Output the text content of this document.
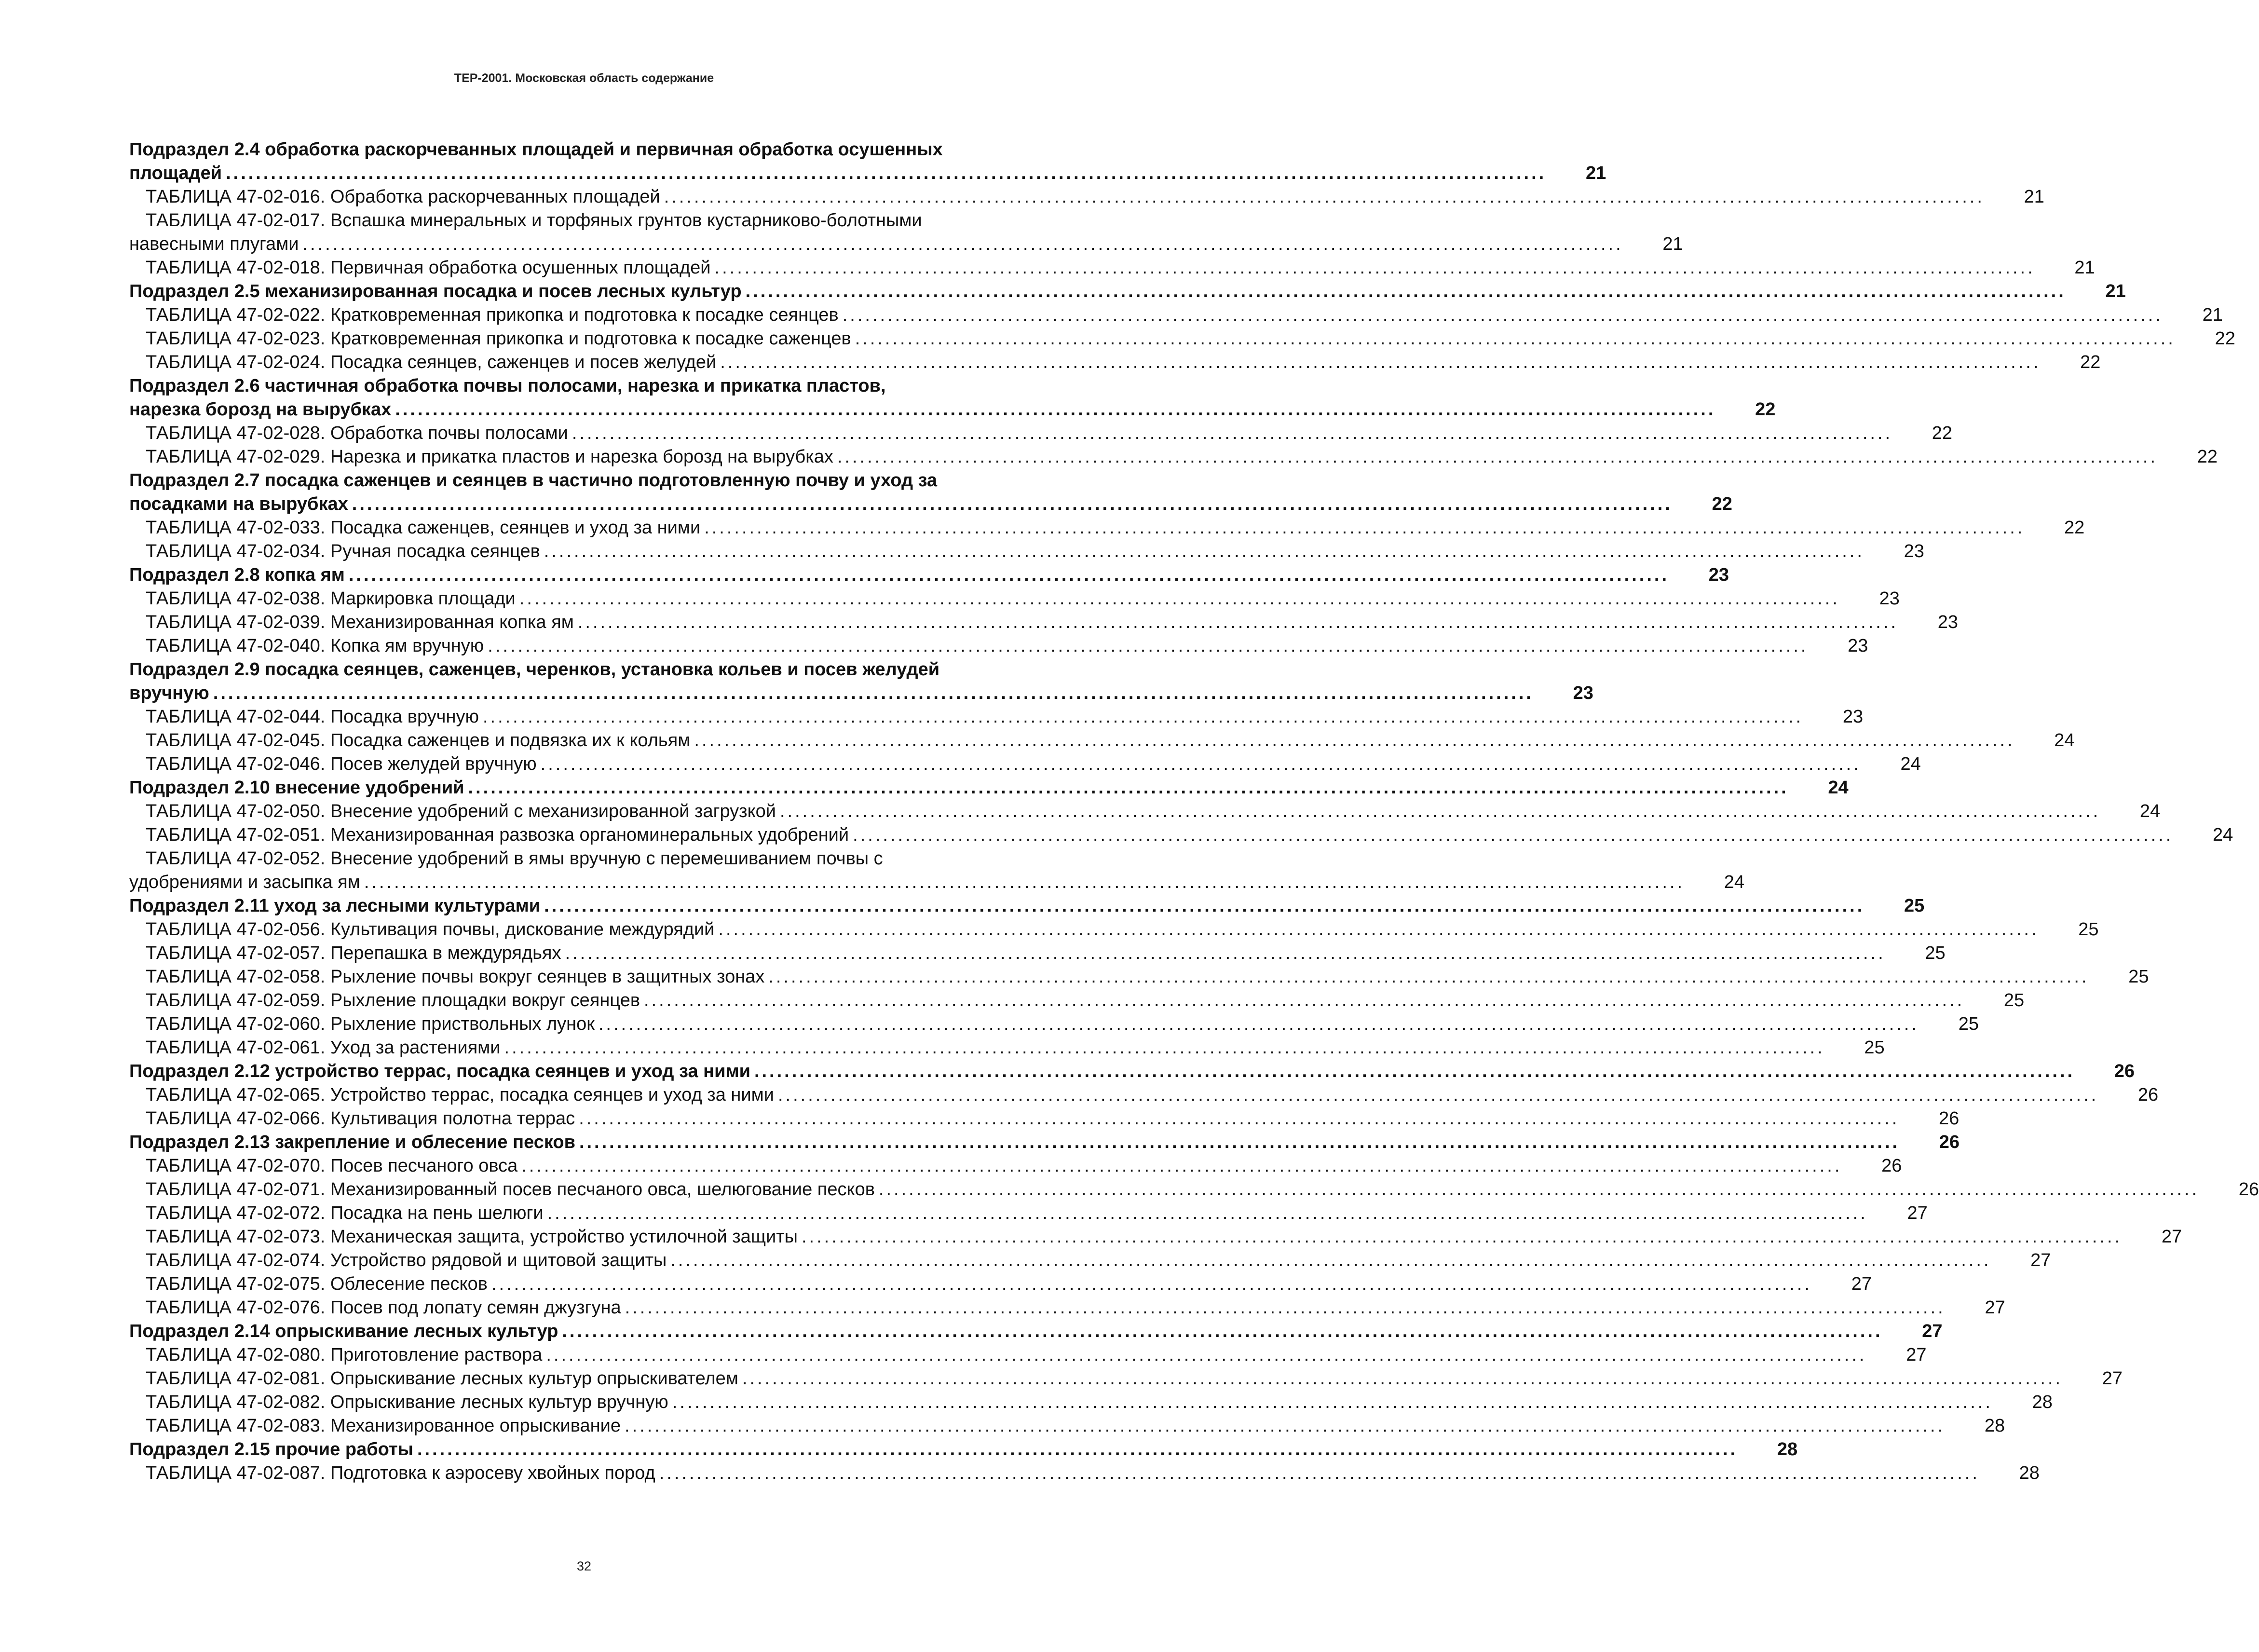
ТЕР-2001. Московская область содержание
Подраздел 2.4 обработка раскорчеванных площадей и первичная обработка осушенных
площадей ................................................................................................................................................................................	21
ТАБЛИЦА 47-02-016. Обработка раскорчеванных площадей ................................................................................................................................................................................	21
ТАБЛИЦА 47-02-017. Вспашка минеральных и торфяных грунтов кустарниково-болотными
навесными плугами ................................................................................................................................................................................	21
ТАБЛИЦА 47-02-018. Первичная обработка осушенных площадей ................................................................................................................................................................................	21
Подраздел 2.5 механизированная посадка и посев лесных культур ................................................................................................................................................................................	21
ТАБЛИЦА 47-02-022. Кратковременная прикопка и подготовка к посадке сеянцев ................................................................................................................................................................................	21
ТАБЛИЦА 47-02-023. Кратковременная прикопка и подготовка к посадке саженцев ................................................................................................................................................................................	22
ТАБЛИЦА 47-02-024. Посадка сеянцев, саженцев и посев желудей ................................................................................................................................................................................	22
Подраздел 2.6 частичная обработка почвы полосами, нарезка и прикатка пластов,
нарезка борозд на вырубках ................................................................................................................................................................................	22
ТАБЛИЦА 47-02-028. Обработка почвы полосами ................................................................................................................................................................................	22
ТАБЛИЦА 47-02-029. Нарезка и прикатка пластов и нарезка борозд на вырубках ................................................................................................................................................................................	22
Подраздел 2.7 посадка саженцев и сеянцев в частично подготовленную почву и уход за
посадками на вырубках ................................................................................................................................................................................	22
ТАБЛИЦА 47-02-033. Посадка саженцев, сеянцев и уход за ними ................................................................................................................................................................................	22
ТАБЛИЦА 47-02-034. Ручная посадка сеянцев ................................................................................................................................................................................	23
Подраздел 2.8 копка ям ................................................................................................................................................................................	23
ТАБЛИЦА 47-02-038. Маркировка площади ................................................................................................................................................................................	23
ТАБЛИЦА 47-02-039. Механизированная копка ям ................................................................................................................................................................................	23
ТАБЛИЦА 47-02-040. Копка ям вручную ................................................................................................................................................................................	23
Подраздел 2.9 посадка сеянцев, саженцев, черенков, установка кольев и посев желудей
вручную ................................................................................................................................................................................	23
ТАБЛИЦА 47-02-044. Посадка вручную ................................................................................................................................................................................	23
ТАБЛИЦА 47-02-045. Посадка саженцев и подвязка их к кольям ................................................................................................................................................................................	24
ТАБЛИЦА 47-02-046. Посев желудей вручную ................................................................................................................................................................................	24
Подраздел 2.10 внесение удобрений ................................................................................................................................................................................	24
ТАБЛИЦА 47-02-050. Внесение удобрений с механизированной загрузкой ................................................................................................................................................................................	24
ТАБЛИЦА 47-02-051. Механизированная развозка органоминеральных удобрений ................................................................................................................................................................................	24
ТАБЛИЦА 47-02-052. Внесение удобрений в ямы вручную с перемешиванием почвы с
удобрениями и засыпка ям ................................................................................................................................................................................	24
Подраздел 2.11 уход за лесными культурами ................................................................................................................................................................................	25
ТАБЛИЦА 47-02-056. Культивация почвы, дискование междурядий ................................................................................................................................................................................	25
ТАБЛИЦА 47-02-057. Перепашка в междурядьях ................................................................................................................................................................................	25
ТАБЛИЦА 47-02-058. Рыхление почвы вокруг сеянцев в защитных зонах ................................................................................................................................................................................	25
ТАБЛИЦА 47-02-059. Рыхление площадки вокруг сеянцев ................................................................................................................................................................................	25
ТАБЛИЦА 47-02-060. Рыхление приствольных лунок ................................................................................................................................................................................	25
ТАБЛИЦА 47-02-061. Уход за растениями ................................................................................................................................................................................	25
Подраздел 2.12 устройство террас, посадка сеянцев и уход за ними ................................................................................................................................................................................	26
ТАБЛИЦА 47-02-065. Устройство террас, посадка сеянцев и уход за ними ................................................................................................................................................................................	26
ТАБЛИЦА 47-02-066. Культивация полотна террас ................................................................................................................................................................................	26
Подраздел 2.13 закрепление и облесение песков ................................................................................................................................................................................	26
ТАБЛИЦА 47-02-070. Посев песчаного овса ................................................................................................................................................................................	26
ТАБЛИЦА 47-02-071. Механизированный посев песчаного овса, шелюгование песков ................................................................................................................................................................................	26
ТАБЛИЦА 47-02-072. Посадка на пень шелюги ................................................................................................................................................................................	27
ТАБЛИЦА 47-02-073. Механическая защита, устройство устилочной защиты ................................................................................................................................................................................	27
ТАБЛИЦА 47-02-074. Устройство рядовой и щитовой защиты ................................................................................................................................................................................	27
ТАБЛИЦА 47-02-075. Облесение песков ................................................................................................................................................................................	27
ТАБЛИЦА 47-02-076. Посев под лопату семян джузгуна ................................................................................................................................................................................	27
Подраздел 2.14 опрыскивание лесных культур ................................................................................................................................................................................	27
ТАБЛИЦА 47-02-080. Приготовление раствора ................................................................................................................................................................................	27
ТАБЛИЦА 47-02-081. Опрыскивание лесных культур опрыскивателем ................................................................................................................................................................................	27
ТАБЛИЦА 47-02-082. Опрыскивание лесных культур вручную ................................................................................................................................................................................	28
ТАБЛИЦА 47-02-083. Механизированное опрыскивание ................................................................................................................................................................................	28
Подраздел 2.15 прочие работы ................................................................................................................................................................................	28
ТАБЛИЦА 47-02-087. Подготовка к аэросеву хвойных пород ................................................................................................................................................................................	28
32
